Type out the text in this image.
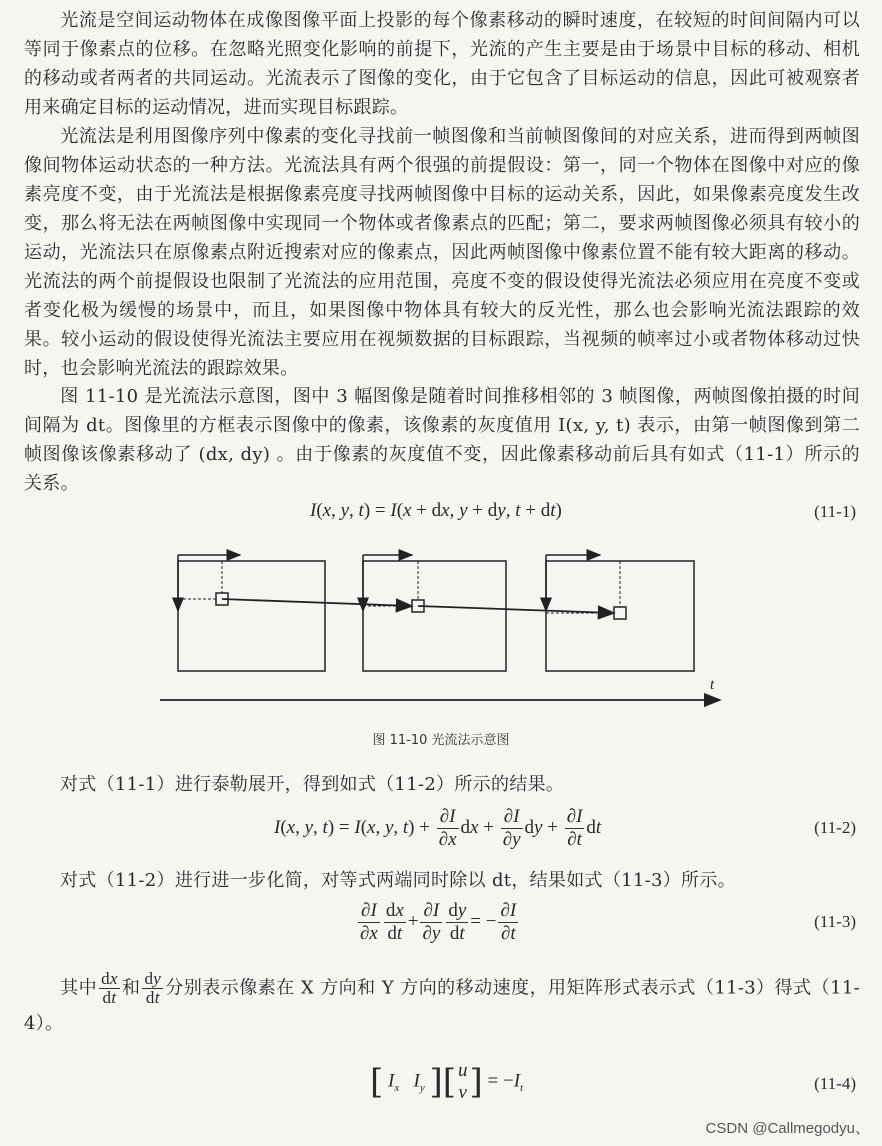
光流是空间运动物体在成像图像平面上投影的每个像素移动的瞬时速度，在较短的时间间隔内可以等同于像素点的位移。在忽略光照变化影响的前提下，光流的产生主要是由于场景中目标的移动、相机的移动或者两者的共同运动。光流表示了图像的变化，由于它包含了目标运动的信息，因此可被观察者用来确定目标的运动情况，进而实现目标跟踪。
光流法是利用图像序列中像素的变化寻找前一帧图像和当前帧图像间的对应关系，进而得到两帧图像间物体运动状态的一种方法。光流法具有两个很强的前提假设：第一，同一个物体在图像中对应的像素亮度不变，由于光流法是根据像素亮度寻找两帧图像中目标的运动关系，因此，如果像素亮度发生改变，那么将无法在两帧图像中实现同一个物体或者像素点的匹配；第二，要求两帧图像必须具有较小的运动，光流法只在原像素点附近搜索对应的像素点，因此两帧图像中像素位置不能有较大距离的移动。光流法的两个前提假设也限制了光流法的应用范围，亮度不变的假设使得光流法必须应用在亮度不变或者变化极为缓慢的场景中，而且，如果图像中物体具有较大的反光性，那么也会影响光流法跟踪的效果。较小运动的假设使得光流法主要应用在视频数据的目标跟踪，当视频的帧率过小或者物体移动过快时，也会影响光流法的跟踪效果。
图 11-10 是光流法示意图，图中 3 幅图像是随着时间推移相邻的 3 帧图像，两帧图像拍摄的时间间隔为 dt。图像里的方框表示图像中的像素，该像素的灰度值用 I(x, y, t) 表示，由第一帧图像到第二帧图像该像素移动了 (dx, dy) 。由于像素的灰度值不变，因此像素移动前后具有如式（11-1）所示的关系。
I(x, y, t) = I(x + dx, y + dy, t + dt)	(11-1)
t
图 11-10 光流法示意图
对式（11-1）进行泰勒展开，得到如式（11-2）所示的结果。
I(x, y, t) = I(x, y, $t) + \frac{\partial I}{\partial x}$ dx + $\frac{\partial I}{\partial y}$ dy + $\frac{\partial I}{\partial t}$ dt	(11-2)
对式（11-2）进行进一步化简，对等式两端同时除以 dt，结果如式（11-3）所示。
$\frac{\partial I}{\partial x} \frac{dx}{dt} + \frac{\partial I}{\partial y} \frac{dy}{dt}$ = − $\frac{\partial I}{\partial t}$	(11-3)
其中 $\frac{dx}{dt}$ 和 $\frac{dy}{dt}$ 分别表示像素在 X 方向和 Y 方向的移动速度，用矩阵形式表示式（11-3）得式（11-4）。
[ $I_x$ $I_y$ ][ u
v ] = $-I_t$	(11-4)
CSDN @Callmegodyu、
